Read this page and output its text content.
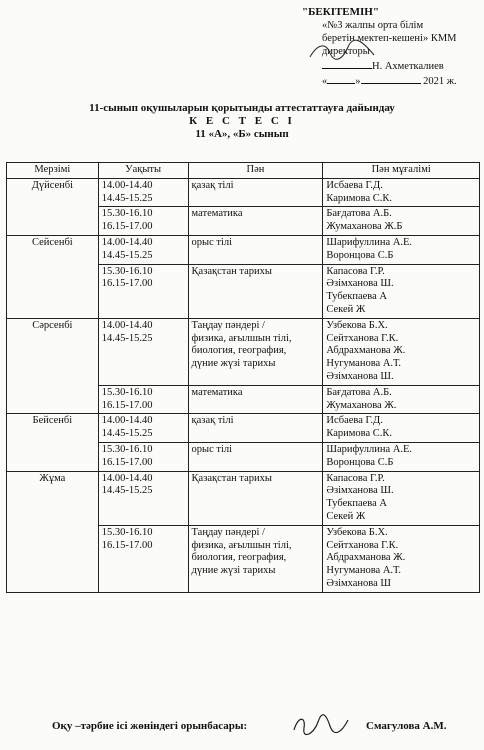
"БЕКІТЕМІН"
«№3 жалпы орта білім
беретін мектеп-кешені» КММ
директоры
Н. Ахметкалиев
«	»	2021 ж.
11-сынып оқушыларын қорытынды аттестаттауға дайындау
К Е С Т Е С І
11 «А», «Б» сынып
Мерзімі	Уақыты	Пән	Пән мұғалімі
Дүйсенбі	14.00-14.40
14.45-15.25	қазақ тілі	Исбаева Г.Д.
Каримова С.К.

	15.30-16.10
16.15-17.00	математика	Бағдатова А.Б.
Жумаханова Ж.Б

Сейсенбі	14.00-14.40
14.45-15.25	орыс тілі	Шарифуллина А.Е.
Воронцова С.Б

	15.30-16.10
16.15-17.00	Қазақстан тарихы	Капасова Г.Р.
Әзімханова Ш.
Тубекпаева А
Секей Ж

Сәрсенбі	14.00-14.40
14.45-15.25	Таңдау пәндері /
физика, ағылшын тілі,
биология, география,
дүние жүзі тарихы	Узбекова Б.Х.
Сейтханова Г.К.
Абдрахманова Ж.
Нугуманова А.Т.
Әзімханова Ш.

	15.30-16.10
16.15-17.00	математика	Бағдатова А.Б.
Жумаханова Ж.

Бейсенбі	14.00-14.40
14.45-15.25	қазақ тілі	Исбаева Г.Д.
Каримова С.К.

	15.30-16.10
16.15-17.00	орыс тілі	Шарифуллина А.Е.
Воронцова С.Б

Жұма	14.00-14.40
14.45-15.25	Қазақстан тарихы	Капасова Г.Р.
Әзімханова Ш.
Тубекпаева А
Секей Ж

	15.30-16.10
16.15-17.00	Таңдау пәндері /
физика, ағылшын тілі,
биология, география,
дүние жүзі тарихы	Узбекова Б.Х.
Сейтханова Г.К.
Абдрахманова Ж.
Нугуманова А.Т.
Әзімханова Ш
Оқу –тәрбие ісі жөніндегі орынбасары:	Смагулова А.М.
